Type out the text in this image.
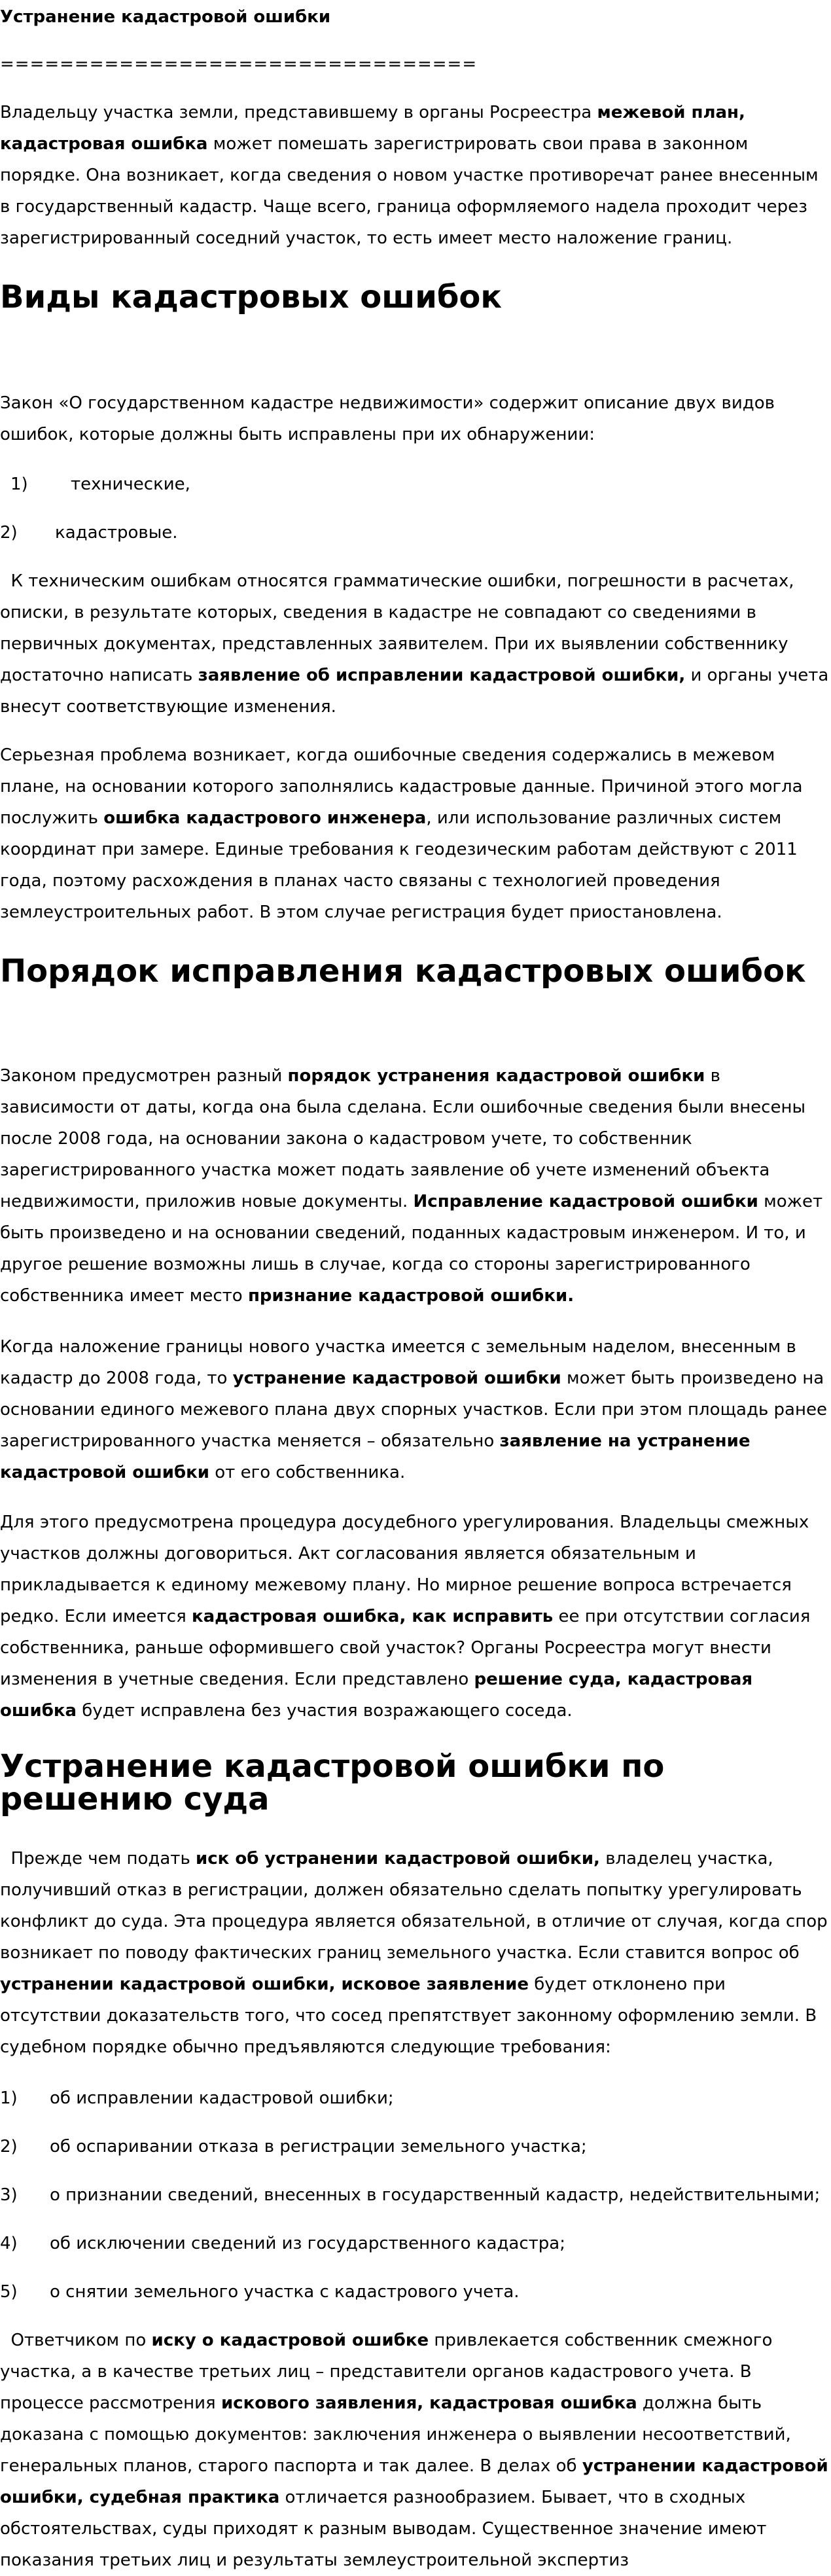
Устранение кадастровой ошибки
================================
Владельцу участка земли, представившему в органы Росреестра межевой план,
кадастровая ошибка может помешать зарегистрировать свои права в законном
порядке. Она возникает, когда сведения о новом участке противоречат ранее внесенным
в государственный кадастр. Чаще всего, граница оформляемого надела проходит через
зарегистрированный соседний участок, то есть имеет место наложение границ.
Виды кадастровых ошибок
Закон «О государственном кадастре недвижимости» содержит описание двух видов
ошибок, которые должны быть исправлены при их обнаружении:
1)	технические,
2) кадастровые.
К техническим ошибкам относятся грамматические ошибки, погрешности в расчетах,
описки, в результате которых, сведения в кадастре не совпадают со сведениями в
первичных документах, представленных заявителем. При их выявлении собственнику
достаточно написать заявление об исправлении кадастровой ошибки, и органы учета
внесут соответствующие изменения.
Серьезная проблема возникает, когда ошибочные сведения содержались в межевом
плане, на основании которого заполнялись кадастровые данные. Причиной этого могла
послужить ошибка кадастрового инженера, или использование различных систем
координат при замере. Единые требования к геодезическим работам действуют с 2011
года, поэтому расхождения в планах часто связаны с технологией проведения
землеустроительных работ. В этом случае регистрация будет приостановлена.
Порядок исправления кадастровых ошибок
Законом предусмотрен разный порядок устранения кадастровой ошибки в
зависимости от даты, когда она была сделана. Если ошибочные сведения были внесены
после 2008 года, на основании закона о кадастровом учете, то собственник
зарегистрированного участка может подать заявление об учете изменений объекта
недвижимости, приложив новые документы. Исправление кадастровой ошибки может
быть произведено и на основании сведений, поданных кадастровым инженером. И то, и
другое решение возможны лишь в случае, когда со стороны зарегистрированного
собственника имеет место признание кадастровой ошибки.
Когда наложение границы нового участка имеется с земельным наделом, внесенным в
кадастр до 2008 года, то устранение кадастровой ошибки может быть произведено на
основании единого межевого плана двух спорных участков. Если при этом площадь ранее
зарегистрированного участка меняется – обязательно заявление на устранение
кадастровой ошибки от его собственника.
Для этого предусмотрена процедура досудебного урегулирования. Владельцы смежных
участков должны договориться. Акт согласования является обязательным и
прикладывается к единому межевому плану. Но мирное решение вопроса встречается
редко. Если имеется кадастровая ошибка, как исправить ее при отсутствии согласия
собственника, раньше оформившего свой участок? Органы Росреестра могут внести
изменения в учетные сведения. Если представлено решение суда, кадастровая
ошибка будет исправлена без участия возражающего соседа.
Устранение кадастровой ошибки по решению суда
Прежде чем подать иск об устранении кадастровой ошибки, владелец участка,
получивший отказ в регистрации, должен обязательно сделать попытку урегулировать
конфликт до суда. Эта процедура является обязательной, в отличие от случая, когда спор
возникает по поводу фактических границ земельного участка. Если ставится вопрос об
устранении кадастровой ошибки, исковое заявление будет отклонено при
отсутствии доказательств того, что сосед препятствует законному оформлению земли. В
судебном порядке обычно предъявляются следующие требования:
1) об исправлении кадастровой ошибки;
2) об оспаривании отказа в регистрации земельного участка;
3) о признании сведений, внесенных в государственный кадастр, недействительными;
4) об исключении сведений из государственного кадастра;
5) о снятии земельного участка с кадастрового учета.
Ответчиком по иску о кадастровой ошибке привлекается собственник смежного
участка, а в качестве третьих лиц – представители органов кадастрового учета. В
процессе рассмотрения искового заявления, кадастровая ошибка должна быть
доказана с помощью документов: заключения инженера о выявлении несоответствий,
генеральных планов, старого паспорта и так далее. В делах об устранении кадастровой
ошибки, судебная практика отличается разнообразием. Бывает, что в сходных
обстоятельствах, суды приходят к разным выводам. Существенное значение имеют
показания третьих лиц и результаты землеустроительной экспертиз
